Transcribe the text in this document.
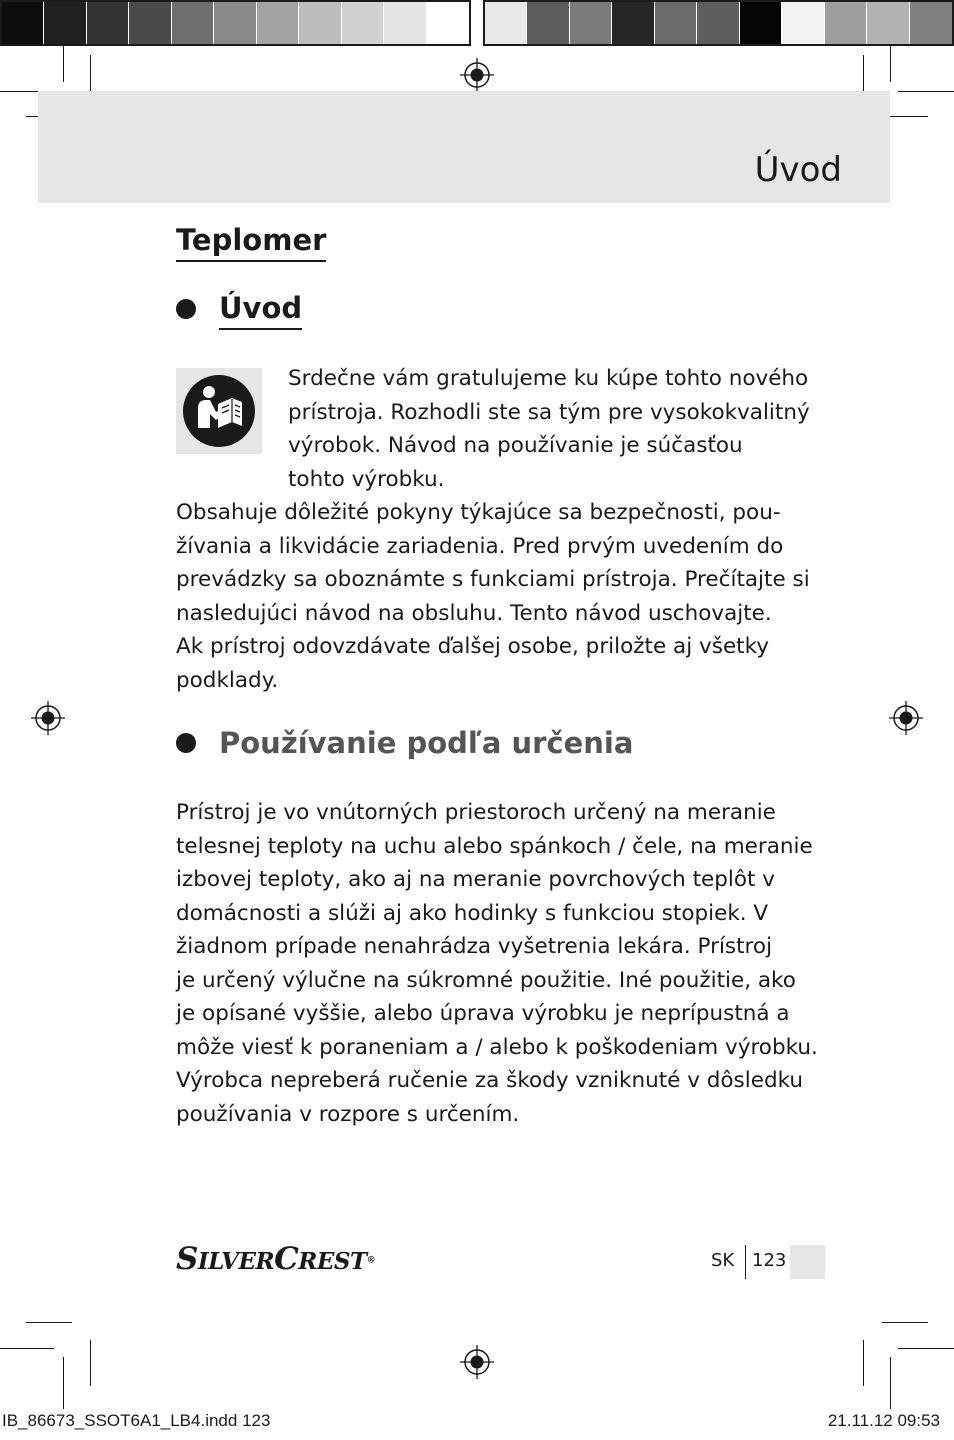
Úvod
Teplomer
Úvod

Srdečne vám gratulujeme ku kúpe tohto nového
prístroja. Rozhodli ste sa tým pre vysokokvalitný
výrobok. Návod na používanie je súčasťou
tohto výrobku.

Obsahuje dôležité pokyny týkajúce sa bezpečnosti, pou-
žívania a likvidácie zariadenia. Pred prvým uvedením do
prevádzky sa oboznámte s funkciami prístroja. Prečítajte si
nasledujúci návod na obsluhu. Tento návod uschovajte.
Ak prístroj odovzdávate ďalšej osobe, priložte aj všetky
podklady.

Používanie podľa určenia

Prístroj je vo vnútorných priestoroch určený na meranie
telesnej teploty na uchu alebo spánkoch / čele, na meranie
izbovej teploty, ako aj na meranie povrchových teplôt v
domácnosti a slúži aj ako hodinky s funkciou stopiek. V
žiadnom prípade nenahrádza vyšetrenia lekára. Prístroj
je určený výlučne na súkromné použitie. Iné použitie, ako
je opísané vyššie, alebo úprava výrobku je neprípustná a
môže viesť k poraneniam a / alebo k poškodeniam výrobku.
Výrobca nepreberá ručenie za škody vzniknuté v dôsledku
používania v rozpore s určením.

SILVERCREST®	SK 123
IB_86673_SSOT6A1_LB4.indd 123	21.11.12 09:53
